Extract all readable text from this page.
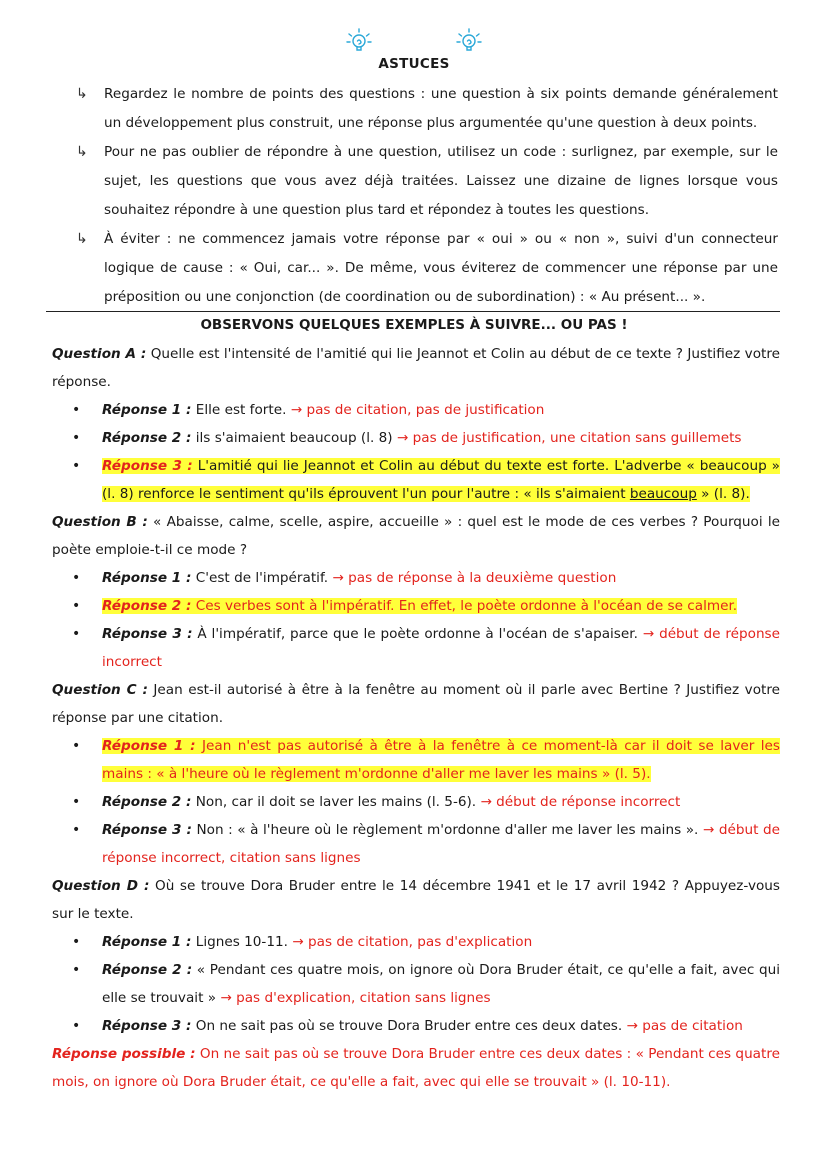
ASTUCES
↳ Regardez le nombre de points des questions : une question à six points demande généralement un développement plus construit, une réponse plus argumentée qu'une question à deux points.
↳ Pour ne pas oublier de répondre à une question, utilisez un code : surlignez, par exemple, sur le sujet, les questions que vous avez déjà traitées. Laissez une dizaine de lignes lorsque vous souhaitez répondre à une question plus tard et répondez à toutes les questions.
↳ À éviter : ne commencez jamais votre réponse par « oui » ou « non », suivi d'un connecteur logique de cause : « Oui, car... ». De même, vous éviterez de commencer une réponse par une préposition ou une conjonction (de coordination ou de subordination) : « Au présent... ».
OBSERVONS QUELQUES EXEMPLES À SUIVRE... OU PAS !

Question A : Quelle est l'intensité de l'amitié qui lie Jeannot et Colin au début de ce texte ? Justifiez votre réponse.

• Réponse 1 : Elle est forte. → pas de citation, pas de justification
• Réponse 2 : ils s'aimaient beaucoup (l. 8) → pas de justification, une citation sans guillemets
• Réponse 3 : L'amitié qui lie Jeannot et Colin au début du texte est forte. L'adverbe « beaucoup » (l. 8) renforce le sentiment qu'ils éprouvent l'un pour l'autre : « ils s'aimaient beaucoup » (l. 8).

Question B : « Abaisse, calme, scelle, aspire, accueille » : quel est le mode de ces verbes ? Pourquoi le poète emploie-t-il ce mode ?

• Réponse 1 : C'est de l'impératif. → pas de réponse à la deuxième question
• Réponse 2 : Ces verbes sont à l'impératif. En effet, le poète ordonne à l'océan de se calmer.
• Réponse 3 : À l'impératif, parce que le poète ordonne à l'océan de s'apaiser. → début de réponse incorrect

Question C : Jean est-il autorisé à être à la fenêtre au moment où il parle avec Bertine ? Justifiez votre réponse par une citation.

• Réponse 1 : Jean n'est pas autorisé à être à la fenêtre à ce moment-là car il doit se laver les mains : « à l'heure où le règlement m'ordonne d'aller me laver les mains » (l. 5).
• Réponse 2 : Non, car il doit se laver les mains (l. 5-6). → début de réponse incorrect
• Réponse 3 : Non : « à l'heure où le règlement m'ordonne d'aller me laver les mains ». → début de réponse incorrect, citation sans lignes

Question D : Où se trouve Dora Bruder entre le 14 décembre 1941 et le 17 avril 1942 ? Appuyez-vous sur le texte.

• Réponse 1 : Lignes 10-11. → pas de citation, pas d'explication
• Réponse 2 : « Pendant ces quatre mois, on ignore où Dora Bruder était, ce qu'elle a fait, avec qui elle se trouvait » → pas d'explication, citation sans lignes
• Réponse 3 : On ne sait pas où se trouve Dora Bruder entre ces deux dates. → pas de citation

Réponse possible : On ne sait pas où se trouve Dora Bruder entre ces deux dates : « Pendant ces quatre mois, on ignore où Dora Bruder était, ce qu'elle a fait, avec qui elle se trouvait » (l. 10-11).
